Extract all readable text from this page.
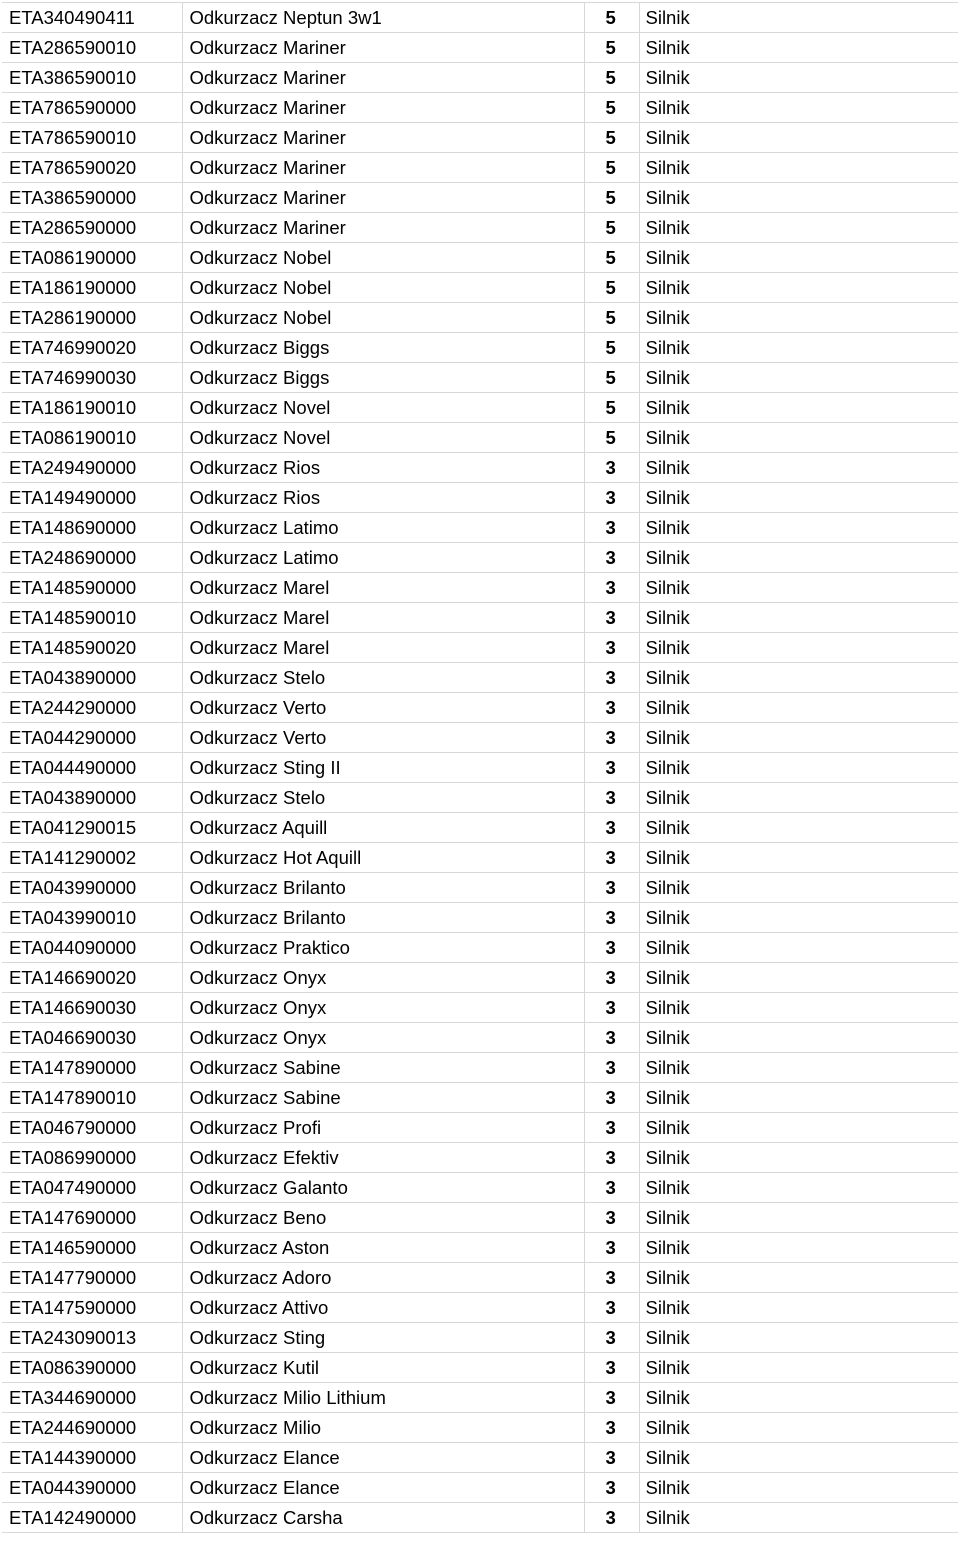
ETA340490411	Odkurzacz Neptun 3w1	5	Silnik
ETA286590010	Odkurzacz Mariner	5	Silnik
ETA386590010	Odkurzacz Mariner	5	Silnik
ETA786590000	Odkurzacz Mariner	5	Silnik
ETA786590010	Odkurzacz Mariner	5	Silnik
ETA786590020	Odkurzacz Mariner	5	Silnik
ETA386590000	Odkurzacz Mariner	5	Silnik
ETA286590000	Odkurzacz Mariner	5	Silnik
ETA086190000	Odkurzacz Nobel	5	Silnik
ETA186190000	Odkurzacz Nobel	5	Silnik
ETA286190000	Odkurzacz Nobel	5	Silnik
ETA746990020	Odkurzacz Biggs	5	Silnik
ETA746990030	Odkurzacz Biggs	5	Silnik
ETA186190010	Odkurzacz Novel	5	Silnik
ETA086190010	Odkurzacz Novel	5	Silnik
ETA249490000	Odkurzacz Rios	3	Silnik
ETA149490000	Odkurzacz Rios	3	Silnik
ETA148690000	Odkurzacz Latimo	3	Silnik
ETA248690000	Odkurzacz Latimo	3	Silnik
ETA148590000	Odkurzacz Marel	3	Silnik
ETA148590010	Odkurzacz Marel	3	Silnik
ETA148590020	Odkurzacz Marel	3	Silnik
ETA043890000	Odkurzacz Stelo	3	Silnik
ETA244290000	Odkurzacz Verto	3	Silnik
ETA044290000	Odkurzacz Verto	3	Silnik
ETA044490000	Odkurzacz Sting II	3	Silnik
ETA043890000	Odkurzacz Stelo	3	Silnik
ETA041290015	Odkurzacz Aquill	3	Silnik
ETA141290002	Odkurzacz Hot Aquill	3	Silnik
ETA043990000	Odkurzacz Brilanto	3	Silnik
ETA043990010	Odkurzacz Brilanto	3	Silnik
ETA044090000	Odkurzacz Praktico	3	Silnik
ETA146690020	Odkurzacz Onyx	3	Silnik
ETA146690030	Odkurzacz Onyx	3	Silnik
ETA046690030	Odkurzacz Onyx	3	Silnik
ETA147890000	Odkurzacz Sabine	3	Silnik
ETA147890010	Odkurzacz Sabine	3	Silnik
ETA046790000	Odkurzacz Profi	3	Silnik
ETA086990000	Odkurzacz Efektiv	3	Silnik
ETA047490000	Odkurzacz Galanto	3	Silnik
ETA147690000	Odkurzacz Beno	3	Silnik
ETA146590000	Odkurzacz Aston	3	Silnik
ETA147790000	Odkurzacz Adoro	3	Silnik
ETA147590000	Odkurzacz Attivo	3	Silnik
ETA243090013	Odkurzacz Sting	3	Silnik
ETA086390000	Odkurzacz Kutil	3	Silnik
ETA344690000	Odkurzacz Milio Lithium	3	Silnik
ETA244690000	Odkurzacz Milio	3	Silnik
ETA144390000	Odkurzacz Elance	3	Silnik
ETA044390000	Odkurzacz Elance	3	Silnik
ETA142490000	Odkurzacz Carsha	3	Silnik
